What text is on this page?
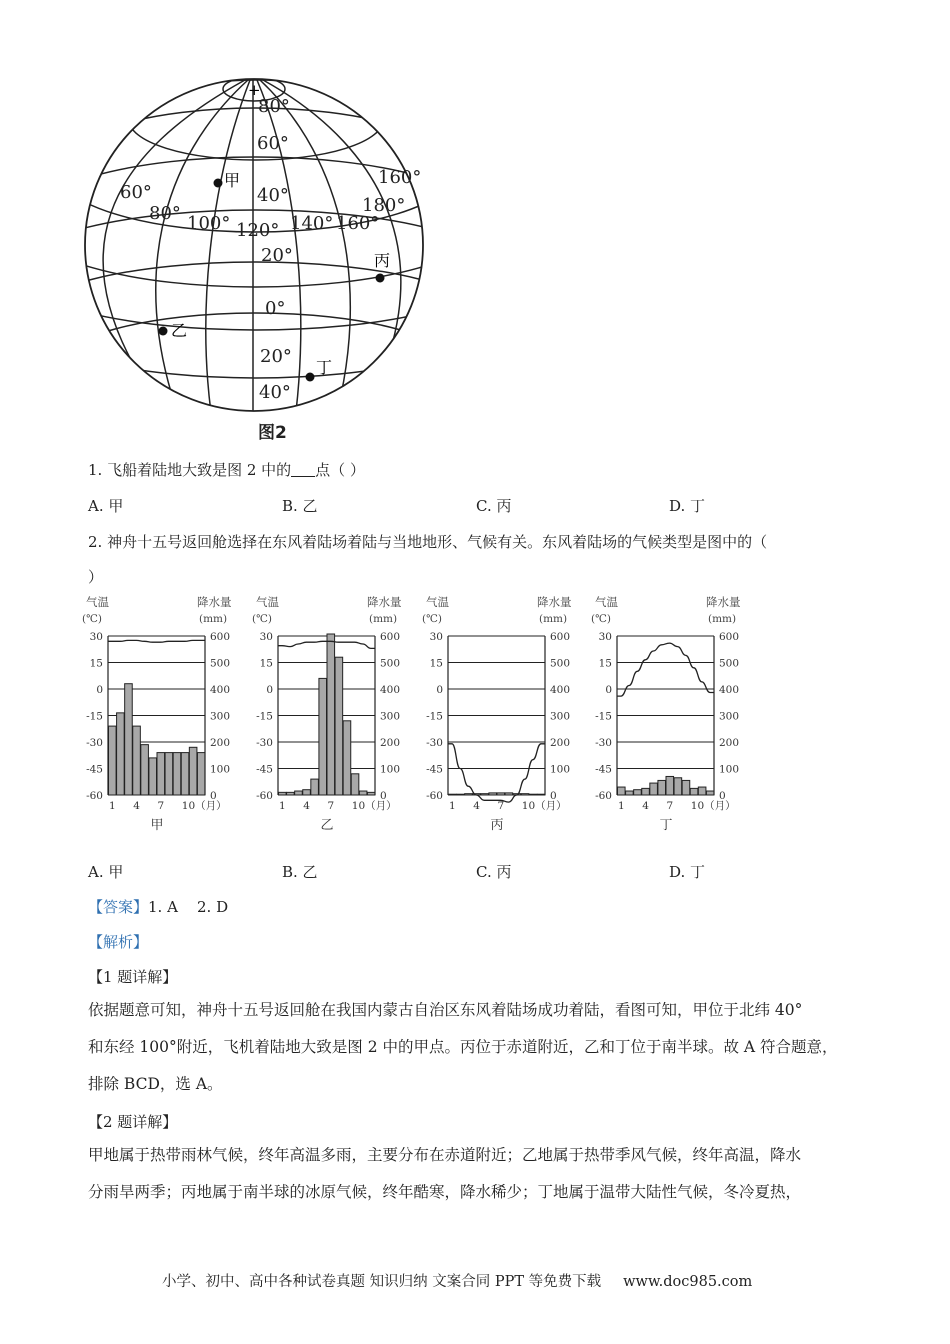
+
80°
60°
40°
20°
0°
20°
40°
60°
80° 100° 120° 140° 160°
180°
160°
甲
乙
丙
丁
图2
1. 飞船着陆地大致是图 2 中的 点（ ）
A. 甲	B. 乙	C. 丙	D. 丁
2. 神舟十五号返回舱选择在东风着陆场着陆与当地地形、气候有关。东风着陆场的气候类型是图中的（
）
气温
(℃)
降水量
(mm)
30	600
15	500
0	400
-15	300
-30	200
-45	100
-60	0
1 4 7 10（月）
甲
气温
(℃)
降水量
(mm)
30	600
15	500
0	400
-15	300
-30	200
-45	100
-60	0
1 4 7 10（月）
乙
气温
(℃)
降水量
(mm)
30	600
15	500
0	400
-15	300
-30	200
-45	100
-60	0
1 4 7 10（月）
丙
气温
(℃)
降水量
(mm)
30	600
15	500
0	400
-15	300
-30	200
-45	100
-60	0
1 4 7 10（月）
丁
A. 甲	B. 乙	C. 丙	D. 丁
【答案】1. A    2. D
【解析】
【1 题详解】
依据题意可知，神舟十五号返回舱在我国内蒙古自治区东风着陆场成功着陆，看图可知，甲位于北纬 40°
和东经 100°附近，飞机着陆地大致是图 2 中的甲点。丙位于赤道附近，乙和丁位于南半球。故 A 符合题意，
排除 BCD，选 A。
【2 题详解】
甲地属于热带雨林气候，终年高温多雨，主要分布在赤道附近；乙地属于热带季风气候，终年高温，降水
分雨旱两季；丙地属于南半球的冰原气候，终年酷寒，降水稀少；丁地属于温带大陆性气候，冬冷夏热，
小学、初中、高中各种试卷真题 知识归纳 文案合同 PPT 等免费下载 www.doc985.com
